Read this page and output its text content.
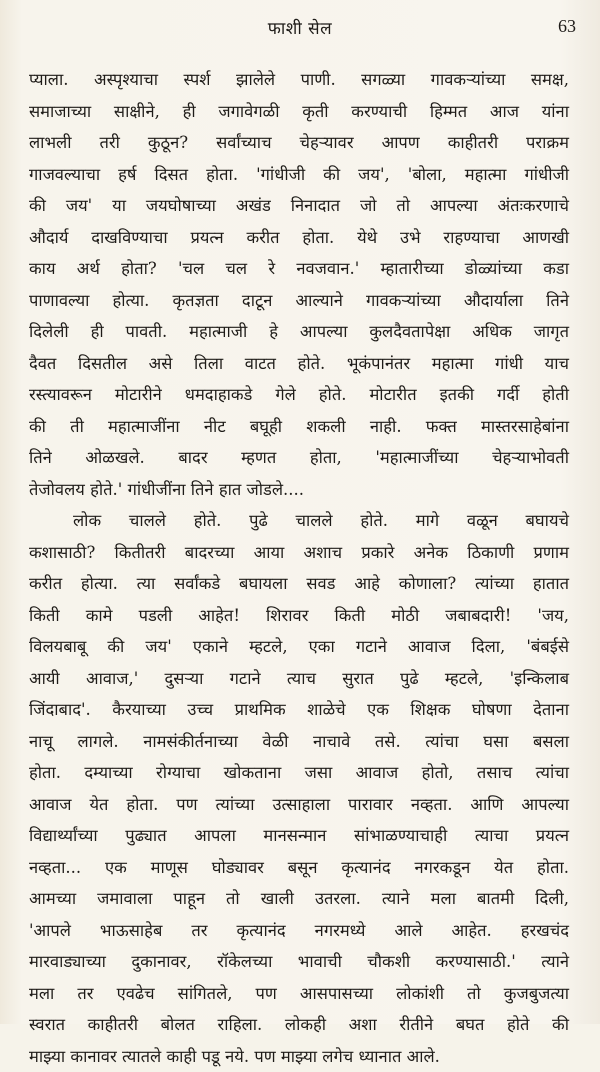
फाशी सेल	63
प्याला. अस्पृश्याचा स्पर्श झालेले पाणी. सगळ्या गावकऱ्यांच्या समक्ष,
समाजाच्या साक्षीने, ही जगावेगळी कृती करण्याची हिम्मत आज यांना
लाभली तरी कुठून? सर्वांच्याच चेहऱ्यावर आपण काहीतरी पराक्रम
गाजवल्याचा हर्ष दिसत होता. 'गांधीजी की जय', 'बोला, महात्मा गांधीजी
की जय' या जयघोषाच्या अखंड निनादात जो तो आपल्या अंतःकरणाचे
औदार्य दाखविण्याचा प्रयत्न करीत होता. येथे उभे राहण्याचा आणखी
काय अर्थ होता? 'चल चल रे नवजवान.' म्हातारीच्या डोळ्यांच्या कडा
पाणावल्या होत्या. कृतज्ञता दाटून आल्याने गावकऱ्यांच्या औदार्याला तिने
दिलेली ही पावती. महात्माजी हे आपल्या कुलदैवतापेक्षा अधिक जागृत
दैवत दिसतील असे तिला वाटत होते. भूकंपानंतर महात्मा गांधी याच
रस्त्यावरून मोटारीने धमदाहाकडे गेले होते. मोटारीत इतकी गर्दी होती
की ती महात्माजींना नीट बघूही शकली नाही. फक्त मास्तरसाहेबांना
तिने ओळखले. बादर म्हणत होता, 'महात्माजींच्या चेहऱ्याभोवती
तेजोवलय होते.' गांधीजींना तिने हात जोडले....
लोक चालले होते. पुढे चालले होते. मागे वळून बघायचे
कशासाठी? कितीतरी बादरच्या आया अशाच प्रकारे अनेक ठिकाणी प्रणाम
करीत होत्या. त्या सर्वांकडे बघायला सवड आहे कोणाला? त्यांच्या हातात
किती कामे पडली आहेत! शिरावर किती मोठी जबाबदारी! 'जय,
विलयबाबू की जय' एकाने म्हटले, एका गटाने आवाज दिला, 'बंबईसे
आयी आवाज,' दुसऱ्या गटाने त्याच सुरात पुढे म्हटले, 'इन्किलाब
जिंदाबाद'. कैरयाच्या उच्च प्राथमिक शाळेचे एक शिक्षक घोषणा देताना
नाचू लागले. नामसंकीर्तनाच्या वेळी नाचावे तसे. त्यांचा घसा बसला
होता. दम्याच्या रोग्याचा खोकताना जसा आवाज होतो, तसाच त्यांचा
आवाज येत होता. पण त्यांच्या उत्साहाला पारावार नव्हता. आणि आपल्या
विद्यार्थ्यांच्या पुढ्यात आपला मानसन्मान सांभाळण्याचाही त्याचा प्रयत्न
नव्हता... एक माणूस घोड्यावर बसून कृत्यानंद नगरकडून येत होता.
आमच्या जमावाला पाहून तो खाली उतरला. त्याने मला बातमी दिली,
'आपले भाऊसाहेब तर कृत्यानंद नगरमध्ये आले आहेत. हरखचंद
मारवाड्याच्या दुकानावर, रॉकेलच्या भावाची चौकशी करण्यासाठी.' त्याने
मला तर एवढेच सांगितले, पण आसपासच्या लोकांशी तो कुजबुजत्या
स्वरात काहीतरी बोलत राहिला. लोकही अशा रीतीने बघत होते की
माझ्या कानावर त्यातले काही पडू नये. पण माझ्या लगेच ध्यानात आले.
